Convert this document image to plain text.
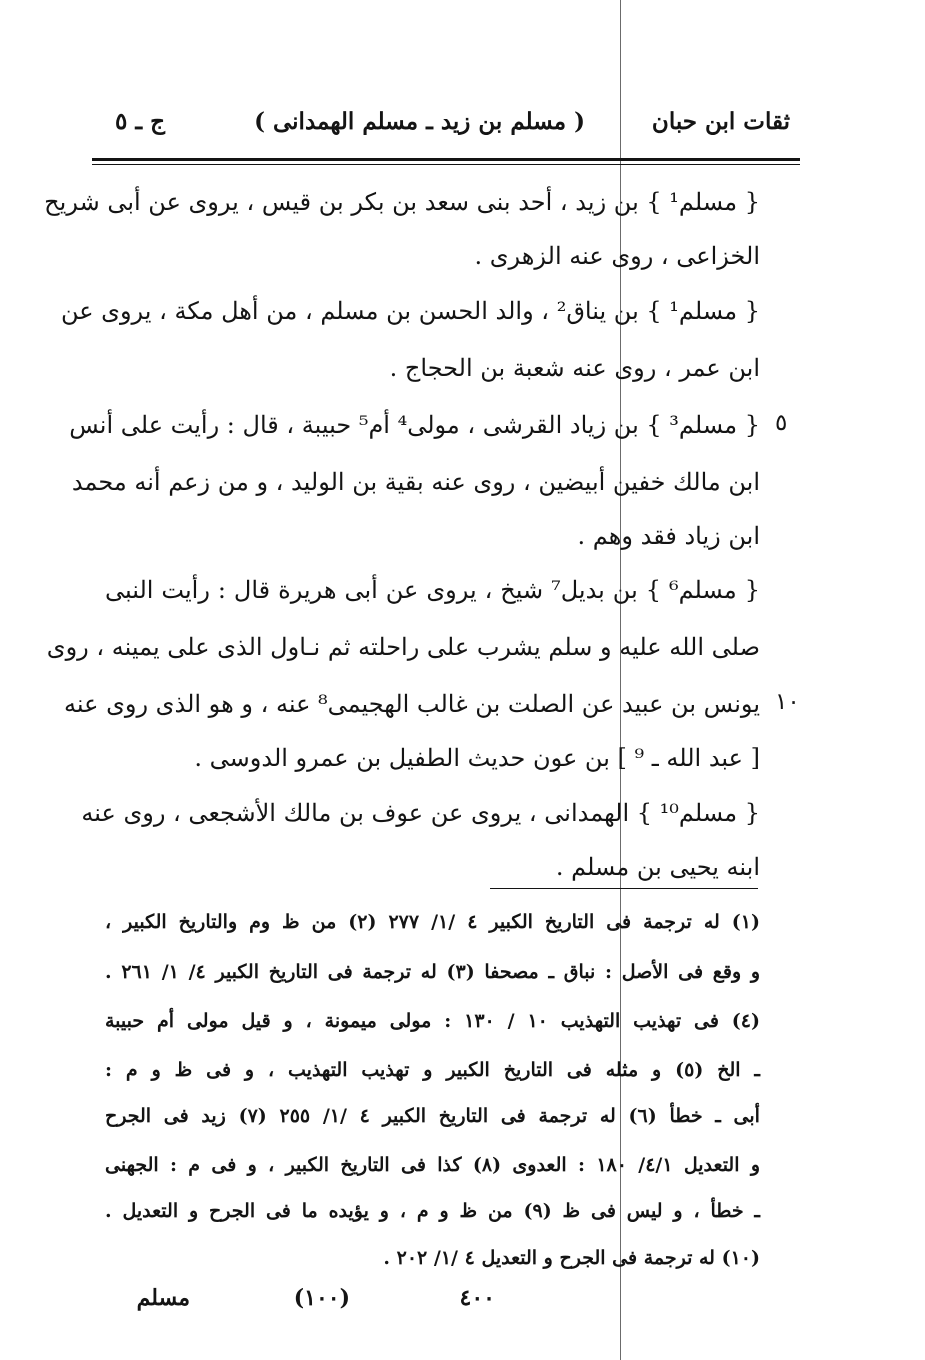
ثقات ابن حبان
( مسلم بن زيد ـ مسلم الهمدانى )
ج ـ ٥
{ مسلم¹ } بن زيد ، أحد بنى سعد بن بكر بن قيس ، يروى عن أبى شريح
الخزاعى ، روى عنه الزهرى .
{ مسلم¹ } بن يناق² ، والد الحسن بن مسلم ، من أهل مكة ، يروى عن
ابن عمر ، روى عنه شعبة بن الحجاج .
{ مسلم³ } بن زياد القرشى ، مولى⁴ أم⁵ حبيبة ، قال : رأيت على أنس
ابن مالك خفين أبيضين ، روى عنه بقية بن الوليد ، و من زعم أنه محمد
ابن زياد فقد وهم .
{ مسلم⁶ } بن بديل⁷ شيخ ، يروى عن أبى هريرة قال : رأيت النبى
صلى الله عليه و سلم يشرب على راحلته ثم نـاول الذى على يمينه ، روى
يونس بن عبيد عن الصلت بن غالب الهجيمى⁸ عنه ، و هو الذى روى عنه
[ عبد الله ـ ⁹ ] بن عون حديث الطفيل بن عمرو الدوسى .
{ مسلم¹⁰ } الهمدانى ، يروى عن عوف بن مالك الأشجعى ، روى عنه
ابنه يحيى بن مسلم .
٥
١٠
(١) له ترجمة فى التاريخ الكبير ٤ /١/ ٢٧٧ (٢) من ظ وم والتاريخ الكبير ،
و وقع فى الأصل : نباق ـ مصحفا (٣) له ترجمة فى التاريخ الكبير ٤/ ١/ ٢٦١ .
(٤) فى تهذيب التهذيب ١٠ / ١٣٠ : مولى ميمونة ، و قيل مولى أم حبيبة
ـ الخ (٥) و مثله فى التاريخ الكبير و تهذيب التهذيب ، و فى ظ و م :
أبى ـ خطأ (٦) له ترجمة فى التاريخ الكبير ٤ /١/ ٢٥٥ (٧) زيد فى الجرح
و التعديل ٤/١/ ١٨٠ : العدوى (٨) كذا فى التاريخ الكبير ، و فى م : الجهنى
ـ خطأ ، و ليس فى ظ (٩) من ظ و م ، و يؤيده ما فى الجرح و التعديل .
(١٠) له ترجمة فى الجرح و التعديل ٤ /١/ ٢٠٢ .
٤٠٠
(١٠٠)
مسلم
